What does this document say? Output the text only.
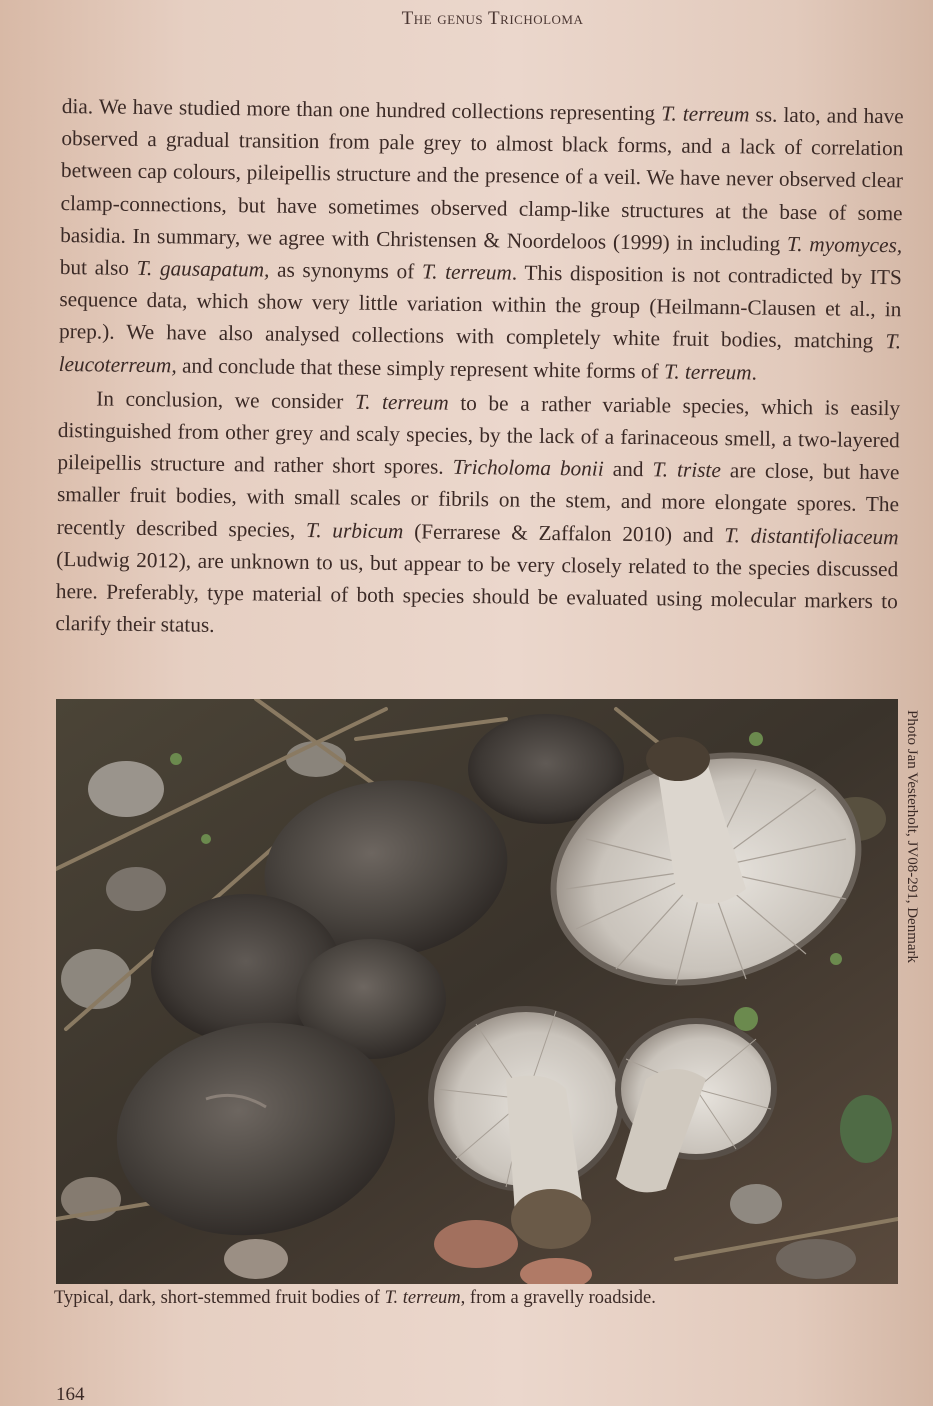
The genus Tricholoma

dia. We have studied more than one hundred collections representing T. terreum ss. lato, and have observed a gradual transition from pale grey to almost black forms, and a lack of correlation between cap colours, pileipellis structure and the presence of a veil. We have never observed clear clamp-connections, but have sometimes observed clamp-like structures at the base of some basidia. In summary, we agree with Christensen & Noordeloos (1999) in including T. myomyces, but also T. gausapatum, as synonyms of T. terreum. This disposition is not contradicted by ITS sequence data, which show very little variation within the group (Heilmann-Clausen et al., in prep.). We have also analysed collections with completely white fruit bodies, matching T. leucoterreum, and conclude that these simply represent white forms of T. terreum.

In conclusion, we consider T. terreum to be a rather variable species, which is easily distinguished from other grey and scaly species, by the lack of a farinaceous smell, a two-layered pileipellis structure and rather short spores. Tricholoma bonii and T. triste are close, but have smaller fruit bodies, with small scales or fibrils on the stem, and more elongate spores. The recently described species, T. urbicum (Ferrarese & Zaffalon 2010) and T. distantifoliaceum (Ludwig 2012), are unknown to us, but appear to be very closely related to the species discussed here. Preferably, type material of both species should be evaluated using molecular markers to clarify their status.

Photo Jan Vesterholt, JV08-291, Denmark
Typical, dark, short-stemmed fruit bodies of T. terreum, from a gravelly roadside.
164
